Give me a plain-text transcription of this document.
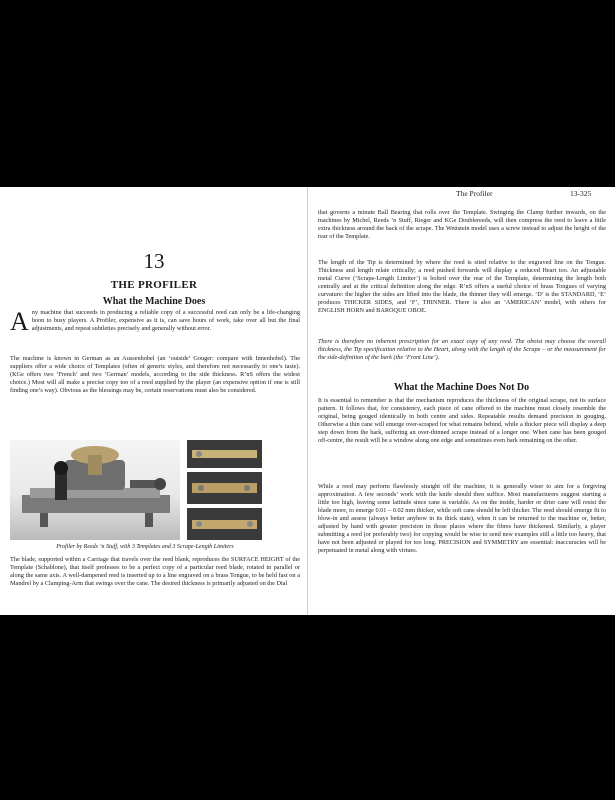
13
THE PROFILER
What the Machine Does

Any machine that succeeds in producing a reliable copy of a successful reed can only be a life-changing boon to busy players. A Profiler, expensive as it is, can save hours of work, take over all but the final adjustments, and repeat subtleties precisely and generally without error.

The machine is known in German as an Aussenhobel (an ‘outside’ Gouger: compare with Innenhobel). The suppliers offer a wide choice of Templates (often of generic styles, and therefore not necessarily to one’s taste). (KGe offers two ‘French’ and two ‘German’ models, according to the side thickness. R’nS offers the widest choice.) Most will all make a precise copy too of a reed supplied by the player (an expensive option if one is still finding one’s way). Obvious as the blessings may be, certain reservations must also be considered.

Profiler by Reeds ’n Stuff, with 3 Templates and 3 Scrape-Length Limiters

The blade, supported within a Carriage that travels over the reed blank, reproduces the SURFACE HEIGHT of the Template (Schablone), that itself professes to be a perfect copy of a particular reed blade, rotated in parallel or along the same axis. A well-dampened reed is inserted up to a line engraved on a brass Tongue, to be held fast on a Mandrel by a Clamping-Arm that swings over the cane. The desired thickness is primarily adjusted on the Dial

The Profiler	13-325

that governs a minute Ball Bearing that rolls over the Template. Swinging the Clamp further inwards, on the machines by Michel, Reeds ’n Stuff, Rieger and KGe Doublereeds, will then compress the reed to leave a little extra thickness around the back of the scrape. The Wettstein model uses a screw instead to adjust the height of the rear of the Template.

The length of the Tip is determined by where the reed is sited relative to the engraved line on the Tongue. Thickness and length relate critically; a reed pushed forwards will display a reduced Heart too. An adjustable metal Curve (‘Scrape-Length Limiter’) is bolted over the rear of the Template, determining the length both centrally and at the critical definition along the edge. R’nS offers a useful choice of brass Tongues of varying curvature: the higher the sides are lifted into the blade, the thinner they will emerge. ‘D’ is the STANDARD, ‘E’ produces THICKER SIDES, and ‘F’, THINNER. There is also an ‘AMERICAN’ model, with others for ENGLISH HORN and BAROQUE OBOE.

There is therefore no inherent prescription for an exact copy of any reed. The oboist may choose the overall thickness, the Tip specification relative to the Heart, along with the length of the Scrape – or the measurement for the side-definition of the bark (the ‘Front Line’).

What the Machine Does Not Do

It is essential to remember is that the mechanism reproduces the thickness of the original scrape, not its surface pattern. It follows that, for consistency, each piece of cane offered to the machine must closely resemble the original, being gouged identically in both centre and sides. Repeatable results demand precision in gouging. Otherwise a thin cane will emerge over-scraped for what remains behind, while a thicker piece will display a deep step down from the bark, suffering an over-thinned scrape instead of a longer one. When cane has been gouged off-centre, the result will be a window along one edge and sometimes even bark remaining on the other.

While a reed may perform flawlessly straight off the machine, it is generally wiser to aim for a forgiving approximation. A few seconds’ work with the knife should then suffice. Most manufacturers suggest starting a little too high, leaving some latitude since cane is variable. As on the inside, harder or drier cane will resist the blade more, to emerge 0.01 – 0.02 mm thicker, while soft cane should be left thicker. The reed should emerge fit to blow-in and assess (always better anyhow in its thick state), when it can be returned to the machine or, better, adjusted by hand with greater precision in those places where the fibres have thickened. Similarly, a player submitting a reed (or preferably two) for copying would be wise to send new examples still a little too heavy, that have not been adjusted or played for too long. PRECISION and SYMMETRY are essential: inaccuracies will be perpetuated in metal along with virtues.
